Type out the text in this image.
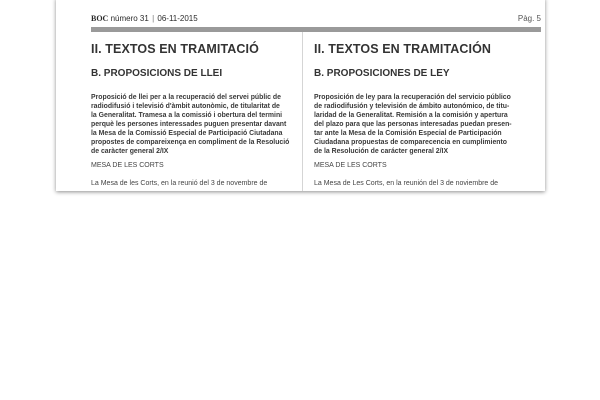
BOC número 31 | 06-11-2015	Pàg. 5
II. TEXTOS EN TRAMITACIÓ
B. PROPOSICIONS DE LLEI

Proposició de llei per a la recuperació del servei públic de
radiodifusió i televisió d'àmbit autonòmic, de titularitat de
la Generalitat. Tramesa a la comissió i obertura del termini
perquè les persones interessades puguen presentar davant
la Mesa de la Comissió Especial de Participació Ciutadana
propostes de compareixença en compliment de la Resolució
de caràcter general 2/IX

MESA DE LES CORTS
La Mesa de les Corts, en la reunió del 3 de novembre de
II. TEXTOS EN TRAMITACIÓN
B. PROPOSICIONES DE LEY

Proposición de ley para la recuperación del servicio público
de radiodifusión y televisión de ámbito autonómico, de titu-
laridad de la Generalitat. Remisión a la comisión y apertura
del plazo para que las personas interesadas puedan presen-
tar ante la Mesa de la Comisión Especial de Participación
Ciudadana propuestas de comparecencia en cumplimiento
de la Resolución de carácter general 2/IX

MESA DE LES CORTS
La Mesa de Les Corts, en la reunión del 3 de noviembre de
